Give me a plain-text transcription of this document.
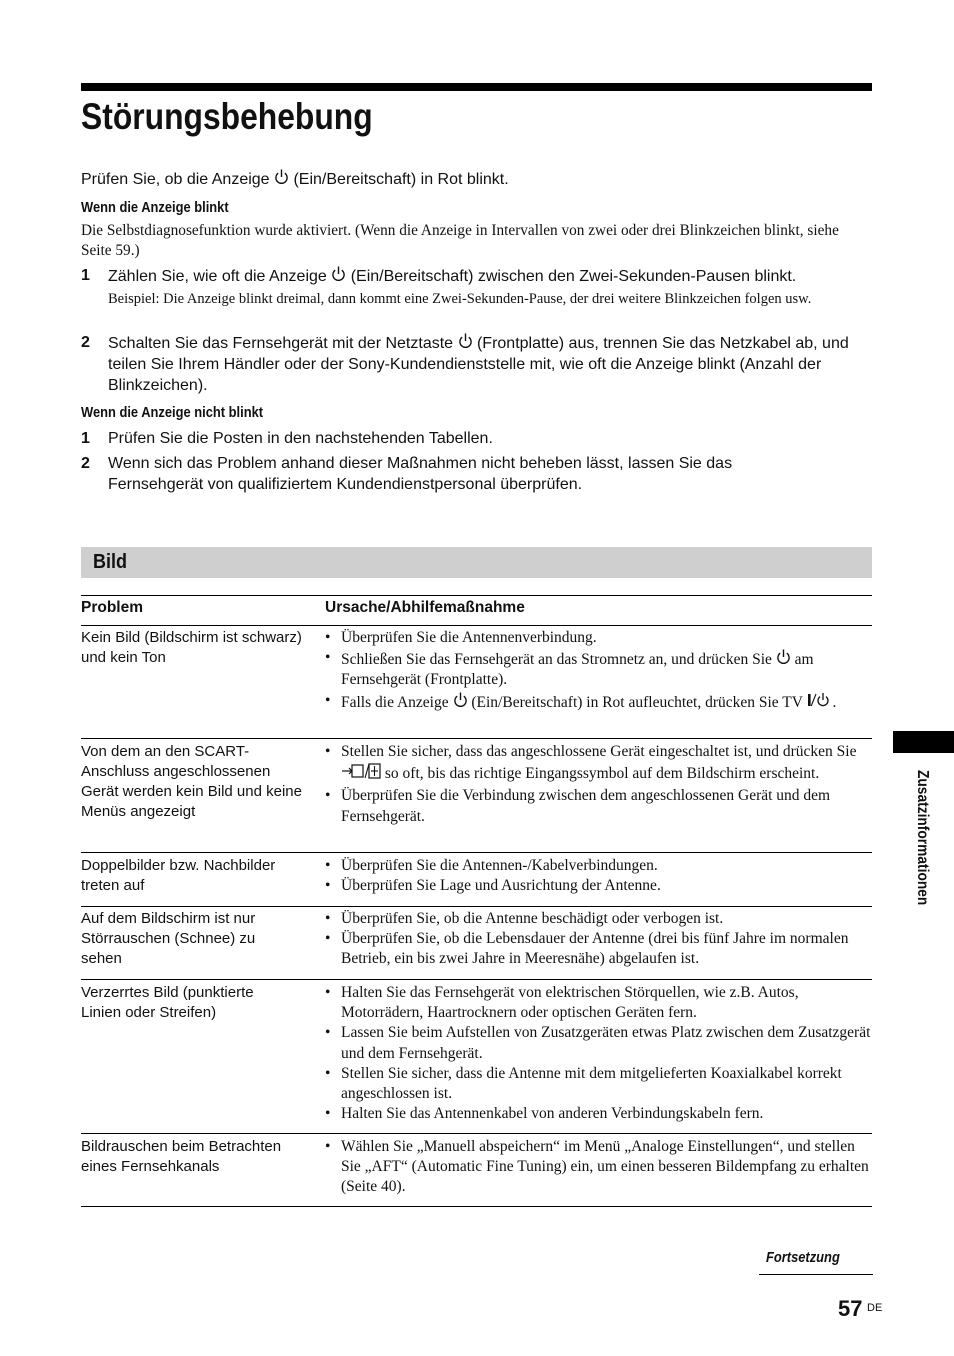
Störungsbehebung
Prüfen Sie, ob die Anzeige
(Ein/Bereitschaft) in Rot blinkt.
Wenn die Anzeige blinkt
Die Selbstdiagnosefunktion wurde aktiviert. (Wenn die Anzeige in Intervallen von zwei oder drei Blinkzeichen blinkt, siehe Seite 59.)
1	Zählen Sie, wie oft die Anzeige
(Ein/Bereitschaft) zwischen den Zwei-Sekunden-Pausen blinkt.
Beispiel: Die Anzeige blinkt dreimal, dann kommt eine Zwei-Sekunden-Pause, der drei weitere Blinkzeichen folgen usw.
2	Schalten Sie das Fernsehgerät mit der Netztaste
(Frontplatte) aus, trennen Sie das Netzkabel ab, und teilen Sie Ihrem Händler oder der Sony-Kundendienststelle mit, wie oft die Anzeige blinkt (Anzahl der Blinkzeichen).
Wenn die Anzeige nicht blinkt
1	Prüfen Sie die Posten in den nachstehenden Tabellen.
2	Wenn sich das Problem anhand dieser Maßnahmen nicht beheben lässt, lassen Sie das Fernsehgerät von qualifiziertem Kundendienstpersonal überprüfen.
Bild
Problem	Ursache/Abhilfemaßnahme
Kein Bild (Bildschirm ist schwarz) und kein Ton
• Überprüfen Sie die Antennenverbindung.
• Schließen Sie das Fernsehgerät an das Stromnetz an, und drücken Sie
am Fernsehgerät (Frontplatte).
• Falls die Anzeige
(Ein/Bereitschaft) in Rot aufleuchtet, drücken Sie TV .
Von dem an den SCART-Anschluss angeschlossenen Gerät werden kein Bild und keine Menüs angezeigt
• Stellen Sie sicher, dass das angeschlossene Gerät eingeschaltet ist, und drücken Sie  so oft, bis das richtige Eingangssymbol auf dem Bildschirm erscheint.
• Überprüfen Sie die Verbindung zwischen dem angeschlossenen Gerät und dem Fernsehgerät.
Doppelbilder bzw. Nachbilder treten auf
• Überprüfen Sie die Antennen-/Kabelverbindungen.
• Überprüfen Sie Lage und Ausrichtung der Antenne.
Auf dem Bildschirm ist nur Störrauschen (Schnee) zu sehen
• Überprüfen Sie, ob die Antenne beschädigt oder verbogen ist.
• Überprüfen Sie, ob die Lebensdauer der Antenne (drei bis fünf Jahre im normalen Betrieb, ein bis zwei Jahre in Meeresnähe) abgelaufen ist.
Verzerrtes Bild (punktierte Linien oder Streifen)
• Halten Sie das Fernsehgerät von elektrischen Störquellen, wie z.B. Autos, Motorrädern, Haartrocknern oder optischen Geräten fern.
• Lassen Sie beim Aufstellen von Zusatzgeräten etwas Platz zwischen dem Zusatzgerät und dem Fernsehgerät.
• Stellen Sie sicher, dass die Antenne mit dem mitgelieferten Koaxialkabel korrekt angeschlossen ist.
• Halten Sie das Antennenkabel von anderen Verbindungskabeln fern.
Bildrauschen beim Betrachten eines Fernsehkanals
• Wählen Sie „Manuell abspeichern“ im Menü „Analoge Einstellungen“, und stellen Sie „AFT“ (Automatic Fine Tuning) ein, um einen besseren Bildempfang zu erhalten (Seite 40).
Zusatzinformationen
Fortsetzung
57 DE
